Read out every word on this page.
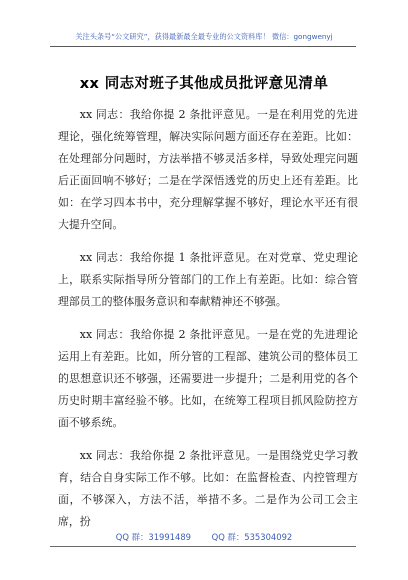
关注头条号“公文研究”，获得最新最全最专业的公文资料库！ 微信：gongwenyj
xx 同志对班子其他成员批评意见清单

xx 同志：我给你提 2 条批评意见。一是在利用党的先进理论，强化统筹管理，解决实际问题方面还存在差距。比如：在处理部分问题时，方法举措不够灵活多样，导致处理完问题后正面回响不够好；二是在学深悟透党的历史上还有差距。比如：在学习四本书中，充分理解掌握不够好，理论水平还有很大提升空间。

xx 同志：我给你提 1 条批评意见。在对党章、党史理论上，联系实际指导所分管部门的工作上有差距。比如：综合管理部员工的整体服务意识和奉献精神还不够强。

xx 同志：我给你提 2 条批评意见。一是在党的先进理论运用上有差距。比如，所分管的工程部、建筑公司的整体员工的思想意识还不够强，还需要进一步提升；二是利用党的各个历史时期丰富经验不够。比如，在统筹工程项目抓风险防控方面不够系统。

xx 同志：我给你提 2 条批评意见。一是围绕党史学习教育，结合自身实际工作不够。比如：在监督检查、内控管理方面，不够深入，方法不活，举措不多。二是作为公司工会主席，扮

QQ 群：31991489 QQ 群：535304092
